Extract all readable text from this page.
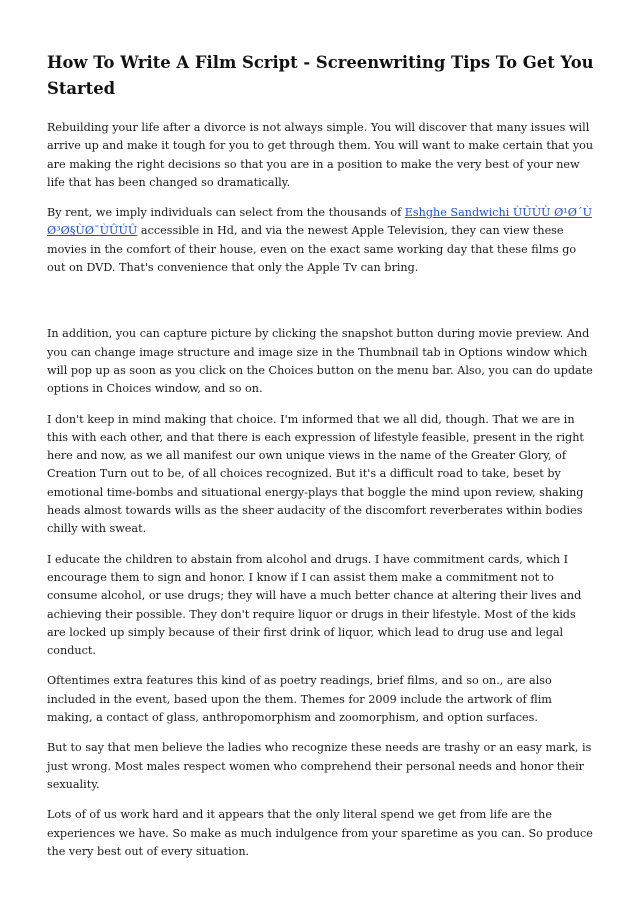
How To Write A Film Script - Screenwriting Tips To Get You Started

Rebuilding your life after a divorce is not always simple. You will discover that many issues will arrive up and make it tough for you to get through them. You will want to make certain that you are making the right decisions so that you are in a position to make the very best of your new life that has been changed so dramatically.

By rent, we imply individuals can select from the thousands of Eshghe Sandwichi ÙÛÙÙ Ø¹Ø´Ù Ø³Ø§ÙØ¯ÙÛÚÛ accessible in Hd, and via the newest Apple Television, they can view these movies in the comfort of their house, even on the exact same working day that these films go out on DVD. That's convenience that only the Apple Tv can bring.

In addition, you can capture picture by clicking the snapshot button during movie preview. And you can change image structure and image size in the Thumbnail tab in Options window which will pop up as soon as you click on the Choices button on the menu bar. Also, you can do update options in Choices window, and so on.

I don't keep in mind making that choice. I'm informed that we all did, though. That we are in this with each other, and that there is each expression of lifestyle feasible, present in the right here and now, as we all manifest our own unique views in the name of the Greater Glory, of Creation Turn out to be, of all choices recognized. But it's a difficult road to take, beset by emotional time-bombs and situational energy-plays that boggle the mind upon review, shaking heads almost towards wills as the sheer audacity of the discomfort reverberates within bodies chilly with sweat.

I educate the children to abstain from alcohol and drugs. I have commitment cards, which I encourage them to sign and honor. I know if I can assist them make a commitment not to consume alcohol, or use drugs; they will have a much better chance at altering their lives and achieving their possible. They don't require liquor or drugs in their lifestyle. Most of the kids are locked up simply because of their first drink of liquor, which lead to drug use and legal conduct.

Oftentimes extra features this kind of as poetry readings, brief films, and so on., are also included in the event, based upon the them. Themes for 2009 include the artwork of flim making, a contact of glass, anthropomorphism and zoomorphism, and option surfaces.

But to say that men believe the ladies who recognize these needs are trashy or an easy mark, is just wrong. Most males respect women who comprehend their personal needs and honor their sexuality.

Lots of of us work hard and it appears that the only literal spend we get from life are the experiences we have. So make as much indulgence from your sparetime as you can. So produce the very best out of every situation.
